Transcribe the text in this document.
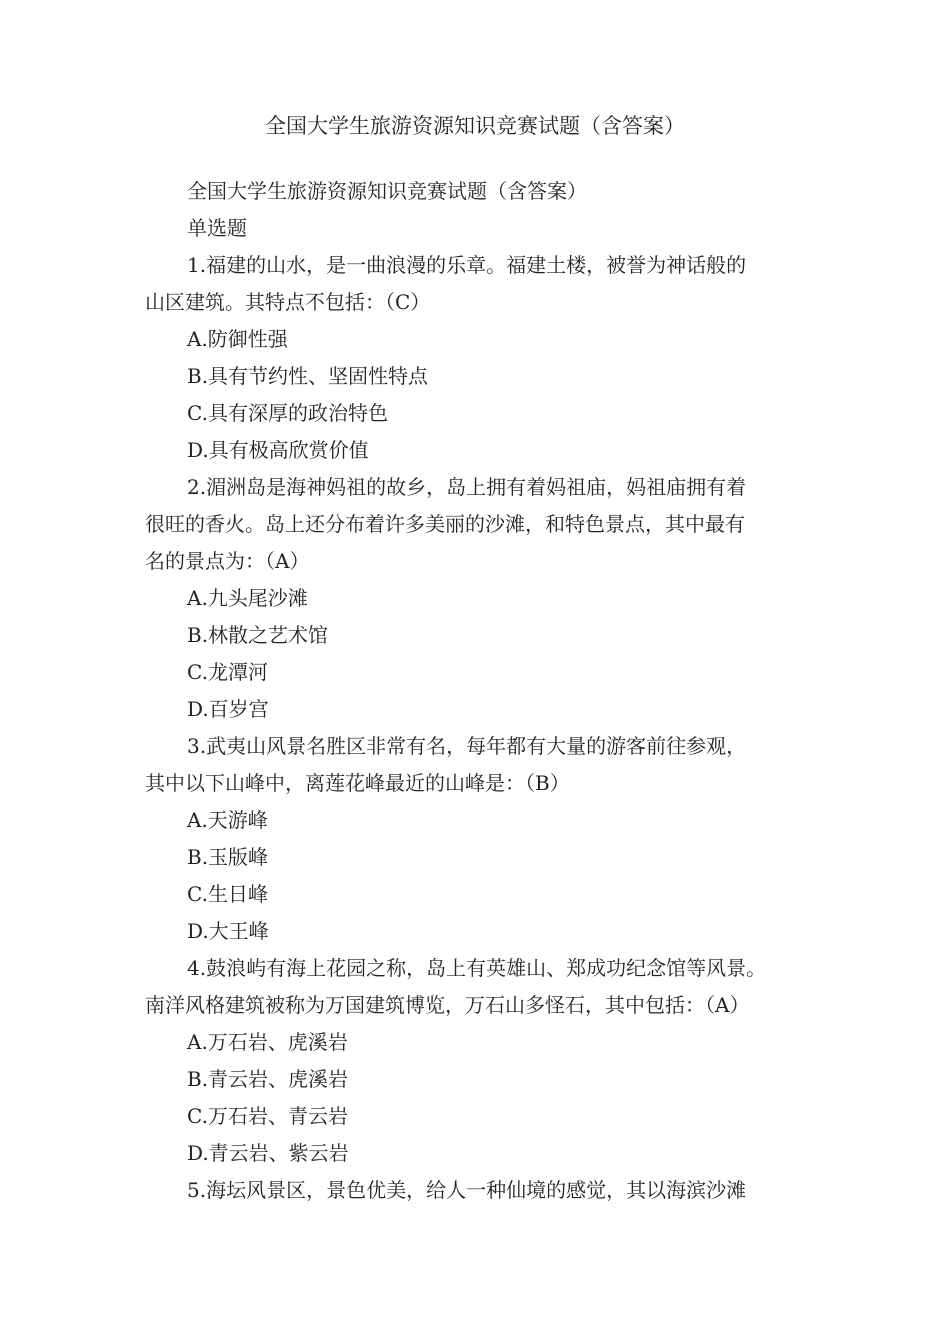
全国大学生旅游资源知识竞赛试题（含答案）

全国大学生旅游资源知识竞赛试题（含答案）

单选题

1.福建的山水，是一曲浪漫的乐章。福建土楼，被誉为神话般的

山区建筑。其特点不包括：（C）

A.防御性强

B.具有节约性、坚固性特点

C.具有深厚的政治特色

D.具有极高欣赏价值

2.湄洲岛是海神妈祖的故乡，岛上拥有着妈祖庙，妈祖庙拥有着

很旺的香火。岛上还分布着许多美丽的沙滩，和特色景点，其中最有

名的景点为：（A）

A.九头尾沙滩

B.林散之艺术馆

C.龙潭河

D.百岁宫

3.武夷山风景名胜区非常有名，每年都有大量的游客前往参观，

其中以下山峰中，离莲花峰最近的山峰是：（B）

A.天游峰

B.玉版峰

C.生日峰

D.大王峰

4.鼓浪屿有海上花园之称，岛上有英雄山、郑成功纪念馆等风景。

南洋风格建筑被称为万国建筑博览，万石山多怪石，其中包括：（A）

A.万石岩、虎溪岩

B.青云岩、虎溪岩

C.万石岩、青云岩

D.青云岩、紫云岩

5.海坛风景区，景色优美，给人一种仙境的感觉，其以海滨沙滩
